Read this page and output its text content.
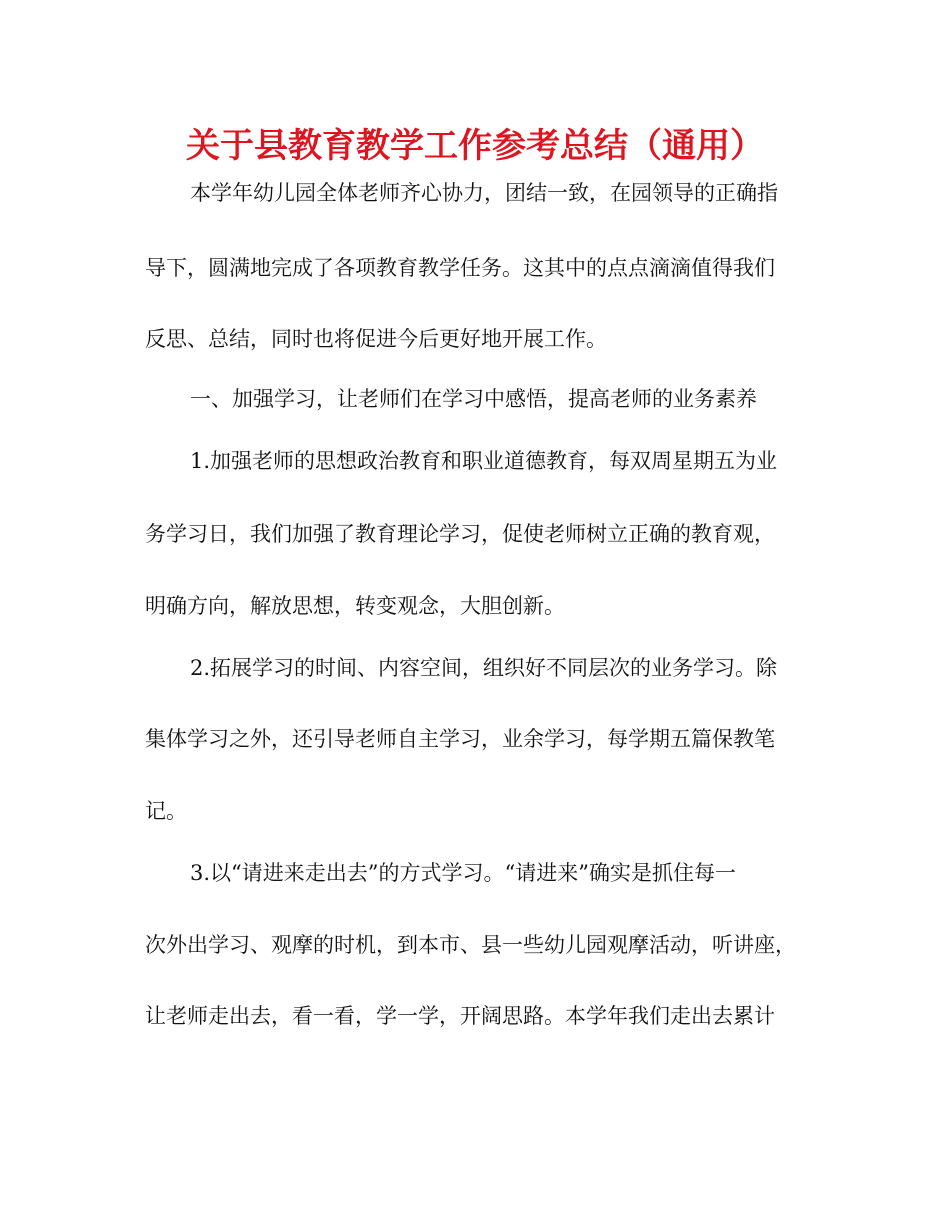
关于县教育教学工作参考总结（通用）
本学年幼儿园全体老师齐心协力，团结一致，在园领导的正确指
导下，圆满地完成了各项教育教学任务。这其中的点点滴滴值得我们
反思、总结，同时也将促进今后更好地开展工作。
一、加强学习，让老师们在学习中感悟，提高老师的业务素养
1.加强老师的思想政治教育和职业道德教育，每双周星期五为业
务学习日，我们加强了教育理论学习，促使老师树立正确的教育观，
明确方向，解放思想，转变观念，大胆创新。
2.拓展学习的时间、内容空间，组织好不同层次的业务学习。除
集体学习之外，还引导老师自主学习，业余学习，每学期五篇保教笔
记。
3.以“请进来走出去”的方式学习。“请进来”确实是抓住每一
次外出学习、观摩的时机，到本市、县一些幼儿园观摩活动，听讲座，
让老师走出去，看一看，学一学，开阔思路。本学年我们走出去累计
